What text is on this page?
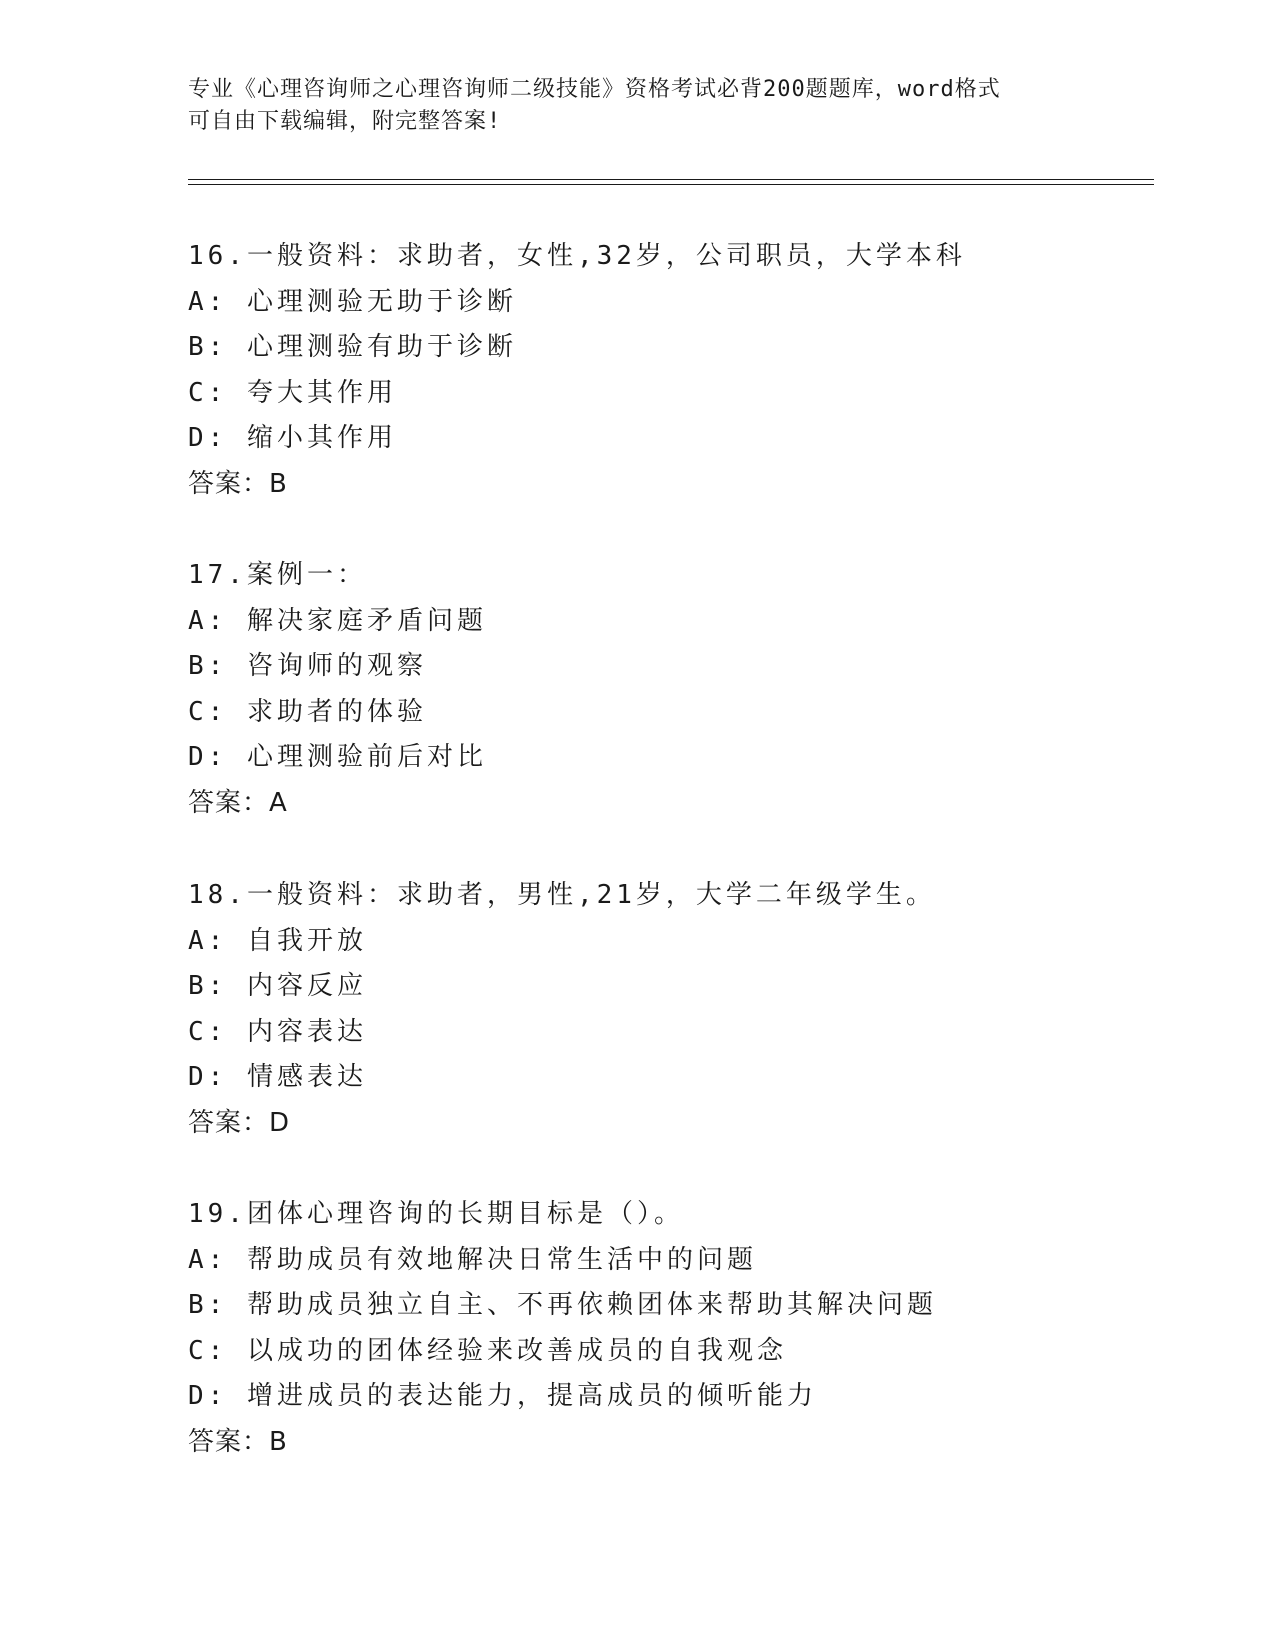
专业《心理咨询师之心理咨询师二级技能》资格考试必背200题题库，word格式
可自由下载编辑，附完整答案!
16.一般资料：求助者，女性,32岁，公司职员，大学本科
A: 心理测验无助于诊断
B: 心理测验有助于诊断
C: 夸大其作用
D: 缩小其作用
答案：B
17.案例一：
A: 解决家庭矛盾问题
B: 咨询师的观察
C: 求助者的体验
D: 心理测验前后对比
答案：A
18.一般资料：求助者，男性,21岁，大学二年级学生。
A: 自我开放
B: 内容反应
C: 内容表达
D: 情感表达
答案：D
19.团体心理咨询的长期目标是（）。
A: 帮助成员有效地解决日常生活中的问题
B: 帮助成员独立自主、不再依赖团体来帮助其解决问题
C: 以成功的团体经验来改善成员的自我观念
D: 增进成员的表达能力，提高成员的倾听能力
答案：B
